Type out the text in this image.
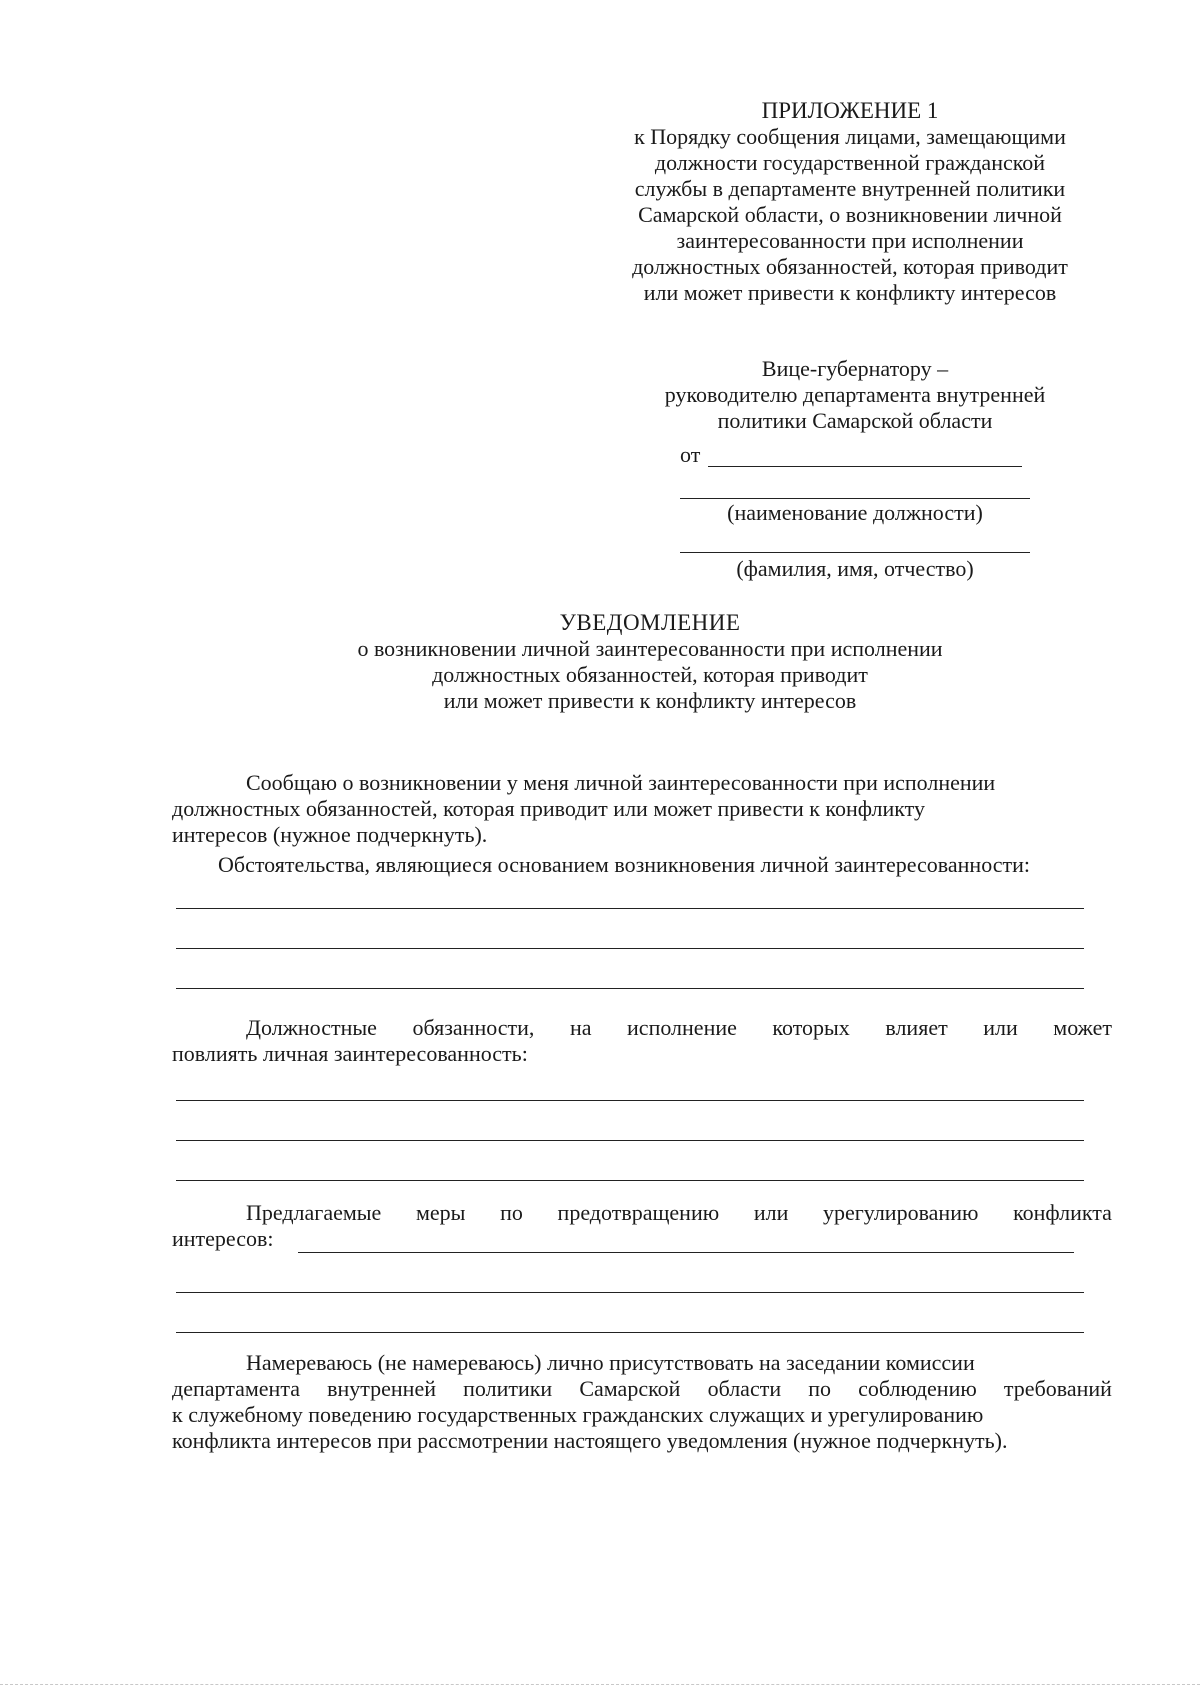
ПРИЛОЖЕНИЕ 1
к Порядку сообщения лицами, замещающими
должности государственной гражданской
службы в департаменте внутренней политики
Самарской области, о возникновении личной
заинтересованности при исполнении
должностных обязанностей, которая приводит
или может привести к конфликту интересов
Вице-губернатору –
руководителю департамента внутренней
политики Самарской области
от
(наименование должности)
(фамилия, имя, отчество)
УВЕДОМЛЕНИЕ
о возникновении личной заинтересованности при исполнении
должностных обязанностей, которая приводит
или может привести к конфликту интересов
Сообщаю о возникновении у меня личной заинтересованности при исполнении
должностных обязанностей, которая приводит или может привести к конфликту
интересов (нужное подчеркнуть).
Обстоятельства, являющиеся основанием возникновения личной заинтересованности:
Должностные обязанности, на исполнение которых влияет или может
повлиять личная заинтересованность:
Предлагаемые меры по предотвращению или урегулированию конфликта
интересов:
Намереваюсь (не намереваюсь) лично присутствовать на заседании комиссии
департамента внутренней политики Самарской области по соблюдению требований
к служебному поведению государственных гражданских служащих и урегулированию
конфликта интересов при рассмотрении настоящего уведомления (нужное подчеркнуть).
